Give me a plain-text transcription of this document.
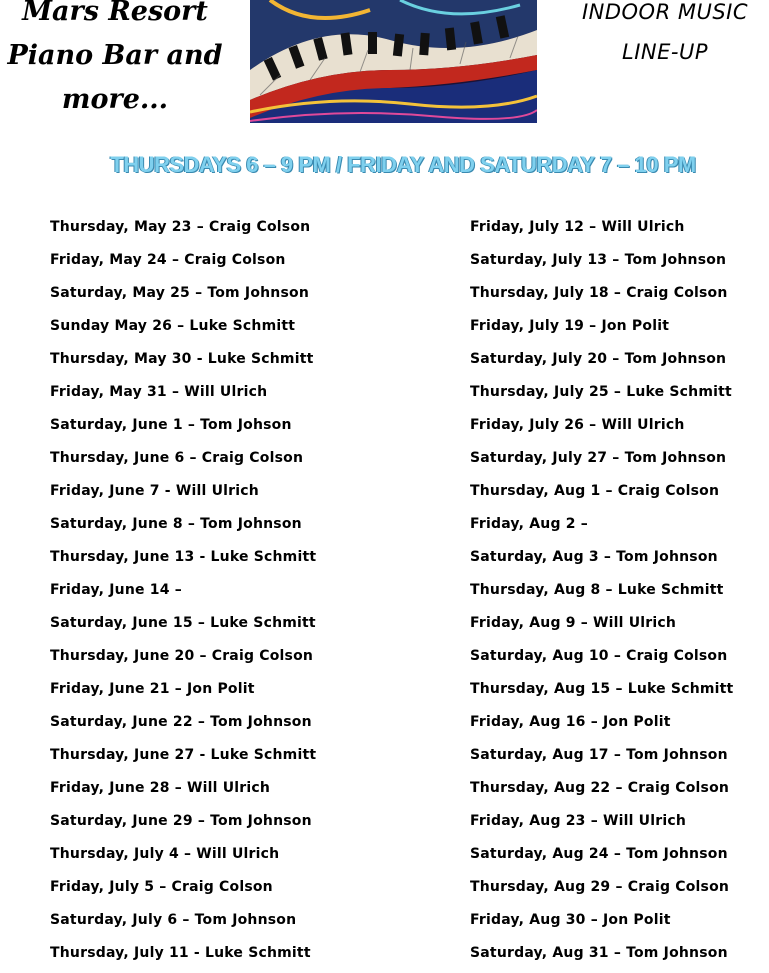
Mars Resort
Piano Bar and
more...
INDOOR MUSIC
LINE-UP
THURSDAYS 6 – 9 PM / FRIDAY AND SATURDAY 7 – 10 PM
Thursday, May 23 – Craig Colson
Friday, May 24 – Craig Colson
Saturday, May 25 – Tom Johnson
Sunday May 26 – Luke Schmitt
Thursday, May 30 - Luke Schmitt
Friday, May 31 – Will Ulrich
Saturday, June 1 – Tom Johson
Thursday, June 6 – Craig Colson
Friday, June 7 - Will Ulrich
Saturday, June 8 – Tom Johnson
Thursday, June 13 - Luke Schmitt
Friday, June 14 –
Saturday, June 15 – Luke Schmitt
Thursday, June 20 – Craig Colson
Friday, June 21 – Jon Polit
Saturday, June 22 – Tom Johnson
Thursday, June 27 - Luke Schmitt
Friday, June 28 – Will Ulrich
Saturday, June 29 – Tom Johnson
Thursday, July 4 – Will Ulrich
Friday, July 5 – Craig Colson
Saturday, July 6 – Tom Johnson
Thursday, July 11 - Luke Schmitt
Friday, July 12 – Will Ulrich
Saturday, July 13 – Tom Johnson
Thursday, July 18 – Craig Colson
Friday, July 19 – Jon Polit
Saturday, July 20 – Tom Johnson
Thursday, July 25 – Luke Schmitt
Friday, July 26 – Will Ulrich
Saturday, July 27 – Tom Johnson
Thursday, Aug 1 – Craig Colson
Friday, Aug 2 –
Saturday, Aug 3 – Tom Johnson
Thursday, Aug 8 – Luke Schmitt
Friday, Aug 9 – Will Ulrich
Saturday, Aug 10 – Craig Colson
Thursday, Aug 15 – Luke Schmitt
Friday, Aug 16 – Jon Polit
Saturday, Aug 17 – Tom Johnson
Thursday, Aug 22 – Craig Colson
Friday, Aug 23 – Will Ulrich
Saturday, Aug 24 – Tom Johnson
Thursday, Aug 29 – Craig Colson
Friday, Aug 30 – Jon Polit
Saturday, Aug 31 – Tom Johnson
